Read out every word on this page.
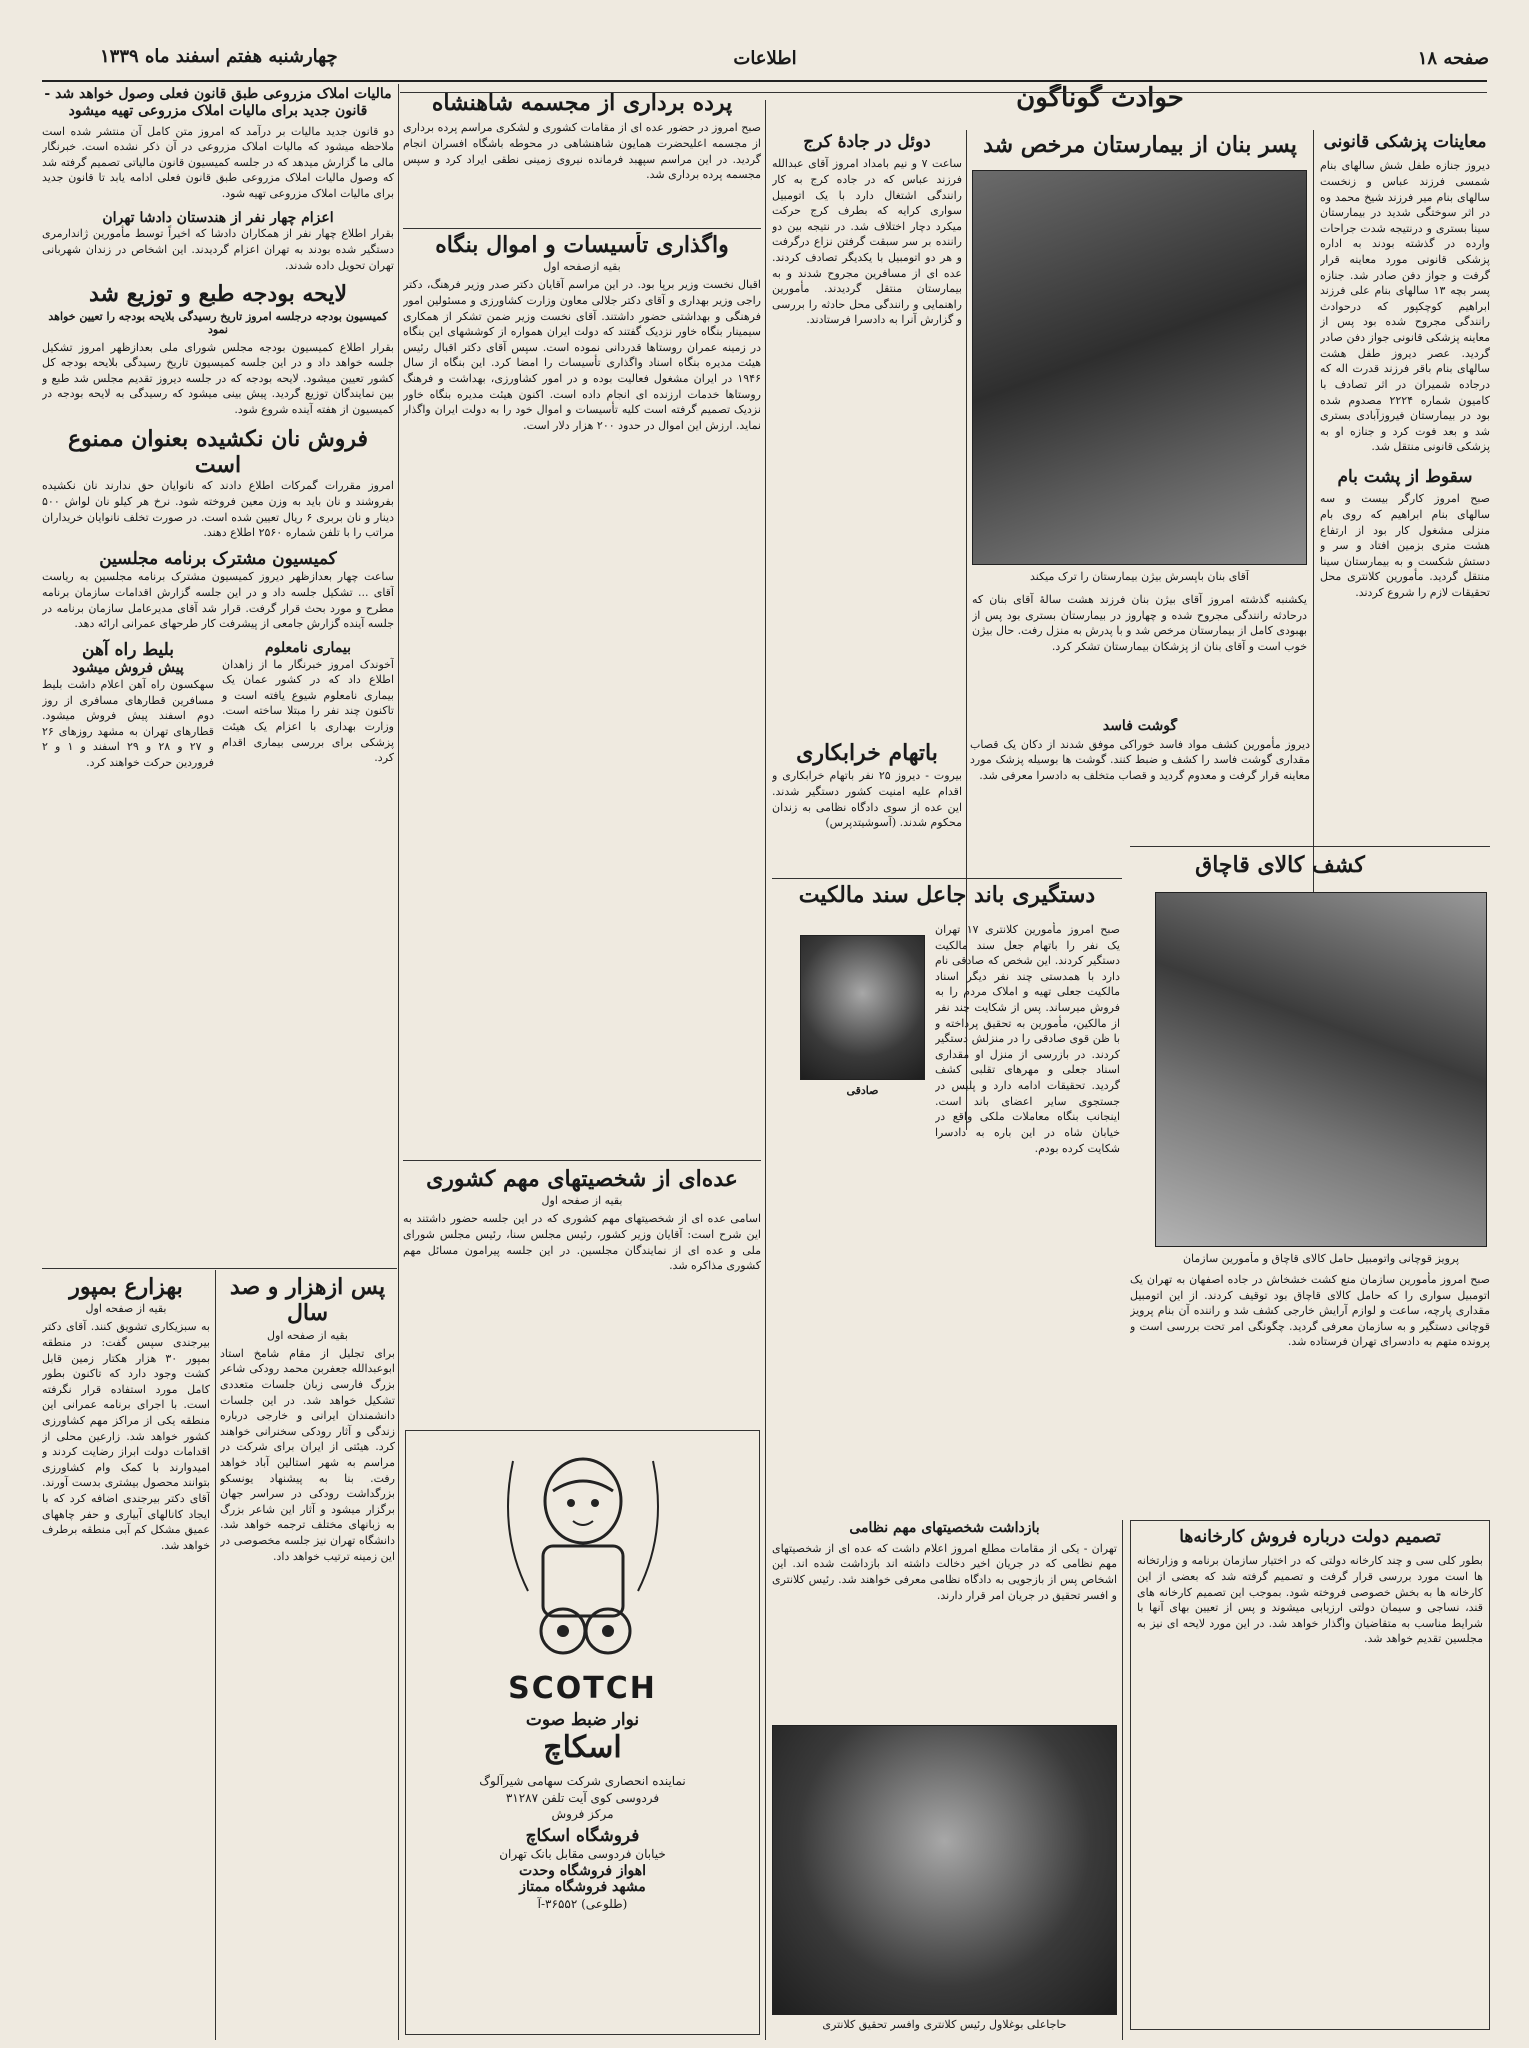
صفحه ۱۸
اطلاعات
چهارشنبه هفتم اسفند ماه ۱۳۳۹
حوادث گوناگون
معاینات پزشکی قانونی
دیروز جنازه طفل شش سالهای بنام شمسی فرزند عباس و زنخست سالهای بنام میر فرزند شیخ محمد وه در اثر سوختگی شدید در بیمارستان سینا بستری و درنتیجه شدت جراحات وارده در گذشته بودند به اداره پزشکی قانونی مورد معاینه قرار گرفت و جواز دفن صادر شد. جنازه پسر بچه ۱۳ سالهای بنام علی فرزند ابراهیم کوچکپور که درحوادث رانندگی مجروح شده بود پس از معاینه پزشکی قانونی جواز دفن صادر گردید. عصر دیروز طفل هشت سالهای بنام باقر فرزند قدرت اله که درجاده شمیران در اثر تصادف با کامیون شماره ۲۲۲۴ مصدوم شده بود در بیمارستان فیروزآبادی بستری شد و بعد فوت کرد و جنازه او به پزشکی قانونی منتقل شد.
سقوط از پشت بام
صبح امروز کارگر بیست و سه سالهای بنام ابراهیم که روی بام منزلی مشغول کار بود از ارتفاع هشت متری بزمین افتاد و سر و دستش شکست و به بیمارستان سینا منتقل گردید. مأمورین کلانتری محل تحقیقات لازم را شروع کردند.
پسر بنان از بیمارستان مرخص شد
آقای بنان باپسرش بیژن بیمارستان را ترک میکند
یکشنبه گذشته امروز آقای بیژن بنان فرزند هشت سالهٔ آقای بنان که درحادثه رانندگی مجروح شده و چهاروز در بیمارستان بستری بود پس از بهبودی کامل از بیمارستان مرخص شد و با پدرش به منزل رفت. حال بیژن خوب است و آقای بنان از پزشکان بیمارستان تشکر کرد.
گوشت فاسد
دیروز مأمورین کشف مواد فاسد خوراکی موفق شدند از دکان یک قصاب مقداری گوشت فاسد را کشف و ضبط کنند. گوشت ها بوسیله پزشک مورد معاینه قرار گرفت و معدوم گردید و قصاب متخلف به دادسرا معرفی شد.
کشف کالای قاچاق
پرویز قوچانی واتومبیل حامل کالای قاچاق و مأمورین سازمان
صبح امروز مأمورین سازمان منع کشت خشخاش در جاده اصفهان به تهران یک اتومبیل سواری را که حامل کالای قاچاق بود توقیف کردند. از این اتومبیل مقداری پارچه، ساعت و لوازم آرایش خارجی کشف شد و راننده آن بنام پرویز قوچانی دستگیر و به سازمان معرفی گردید. چگونگی امر تحت بررسی است و پرونده متهم به دادسرای تهران فرستاده شد.
تصمیم دولت درباره فروش کارخانه‌ها
بطور کلی سی و چند کارخانه دولتی که در اختیار سازمان برنامه و وزارتخانه ها است مورد بررسی قرار گرفت و تصمیم گرفته شد که بعضی از این کارخانه ها به بخش خصوصی فروخته شود. بموجب این تصمیم کارخانه های قند، نساجی و سیمان دولتی ارزیابی میشوند و پس از تعیین بهای آنها با شرایط مناسب به متقاضیان واگذار خواهد شد. در این مورد لایحه ای نیز به مجلسین تقدیم خواهد شد.
بازداشت شخصیتهای مهم نظامی
تهران - یکی از مقامات مطلع امروز اعلام داشت که عده ای از شخصیتهای مهم نظامی که در جریان اخیر دخالت داشته اند بازداشت شده اند. این اشخاص پس از بازجویی به دادگاه نظامی معرفی خواهند شد. رئیس کلانتری و افسر تحقیق در جریان امر قرار دارند.
حاجاعلی بوغلاول رئیس کلانتری وافسر تحقیق کلانتری
دوئل در جادهٔ کرج
ساعت ۷ و نیم بامداد امروز آقای عبدالله فرزند عباس که در جاده کرج به کار رانندگی اشتغال دارد با یک اتومبیل سواری کرایه که بطرف کرج حرکت میکرد دچار اختلاف شد. در نتیجه بین دو راننده بر سر سبقت گرفتن نزاع درگرفت و هر دو اتومبیل با یکدیگر تصادف کردند. عده ای از مسافرین مجروح شدند و به بیمارستان منتقل گردیدند. مأمورین راهنمایی و رانندگی محل حادثه را بررسی و گزارش آنرا به دادسرا فرستادند.
باتهام خرابکاری
بیروت - دیروز ۲۵ نفر باتهام خرابکاری و اقدام علیه امنیت کشور دستگیر شدند. این عده از سوی دادگاه نظامی به زندان محکوم شدند. (آسوشیتدپرس)
دستگیری باند جاعل سند مالکیت
صادقی
صبح امروز مأمورین کلانتری ۱۷ تهران یک نفر را باتهام جعل سند مالکیت دستگیر کردند. این شخص که صادقی نام دارد با همدستی چند نفر دیگر اسناد مالکیت جعلی تهیه و املاک مردم را به فروش میرساند. پس از شکایت چند نفر از مالکین، مأمورین به تحقیق پرداخته و با ظن قوی صادقی را در منزلش دستگیر کردند. در بازرسی از منزل او مقداری اسناد جعلی و مهرهای تقلبی کشف گردید. تحقیقات ادامه دارد و پلیس در جستجوی سایر اعضای باند است. اینجانب بنگاه معاملات ملکی واقع در خیابان شاه در این باره به دادسرا شکایت کرده بودم.
پرده برداری از مجسمه شاهنشاه
صبح امروز در حضور عده ای از مقامات کشوری و لشکری مراسم پرده برداری از مجسمه اعلیحضرت همایون شاهنشاهی در محوطه باشگاه افسران انجام گردید. در این مراسم سپهبد فرمانده نیروی زمینی نطقی ایراد کرد و سپس مجسمه پرده برداری شد.
واگذاری تأسیسات و اموال بنگاه
بقیه ازصفحه اول
اقبال نخست وزیر برپا بود. در این مراسم آقایان دکتر صدر وزیر فرهنگ، دکتر راجی وزیر بهداری و آقای دکتر جلالی معاون وزارت کشاورزی و مسئولین امور فرهنگی و بهداشتی حضور داشتند. آقای نخست وزیر ضمن تشکر از همکاری سیمینار بنگاه خاور نزدیک گفتند که دولت ایران همواره از کوششهای این بنگاه در زمینه عمران روستاها قدردانی نموده است. سپس آقای دکتر اقبال رئیس هیئت مدیره بنگاه اسناد واگذاری تأسیسات را امضا کرد. این بنگاه از سال ۱۹۴۶ در ایران مشغول فعالیت بوده و در امور کشاورزی، بهداشت و فرهنگ روستاها خدمات ارزنده ای انجام داده است. اکنون هیئت مدیره بنگاه خاور نزدیک تصمیم گرفته است کلیه تأسیسات و اموال خود را به دولت ایران واگذار نماید. ارزش این اموال در حدود ۲۰۰ هزار دلار است.
عده‌ای از شخصیتهای مهم کشوری
بقیه از صفحه اول
اسامی عده ای از شخصیتهای مهم کشوری که در این جلسه حضور داشتند به این شرح است: آقایان وزیر کشور، رئیس مجلس سنا، رئیس مجلس شورای ملی و عده ای از نمایندگان مجلسین. در این جلسه پیرامون مسائل مهم کشوری مذاکره شد.
SCOTCH
نوار ضبط صوت
اسکاچ
نماینده انحصاری شرکت سهامی شیرآلوگ
فردوسی کوی آیت تلفن ۳۱۲۸۷
مرکز فروش
فروشگاه اسکاچ
خیابان فردوسی مقابل بانک تهران
اهواز فروشگاه وحدت
مشهد فروشگاه ممتاز
(طلوعی) ۳۶۵۵۲-آ
مالیات املاک مزروعی طبق قانون فعلی وصول خواهد شد - قانون جدید برای مالیات املاک مزروعی تهیه میشود
دو قانون جدید مالیات بر درآمد که امروز متن کامل آن منتشر شده است ملاحظه میشود که مالیات املاک مزروعی در آن ذکر نشده است. خبرنگار مالی ما گزارش میدهد که در جلسه کمیسیون قانون مالیاتی تصمیم گرفته شد که وصول مالیات املاک مزروعی طبق قانون فعلی ادامه یابد تا قانون جدید برای مالیات املاک مزروعی تهیه شود.
اعزام چهار نفر از هندستان دادشا تهران
بقرار اطلاع چهار نفر از همکاران دادشا که اخیراً توسط مأمورین ژاندارمری دستگیر شده بودند به تهران اعزام گردیدند. این اشخاص در زندان شهربانی تهران تحویل داده شدند.
لایحه بودجه طبع و توزیع شد
کمیسیون بودجه درجلسه امروز تاریخ رسیدگی بلایحه بودجه را تعیین خواهد نمود
بقرار اطلاع کمیسیون بودجه مجلس شورای ملی بعدازظهر امروز تشکیل جلسه خواهد داد و در این جلسه کمیسیون تاریخ رسیدگی بلایحه بودجه کل کشور تعیین میشود. لایحه بودجه که در جلسه دیروز تقدیم مجلس شد طبع و بین نمایندگان توزیع گردید. پیش بینی میشود که رسیدگی به لایحه بودجه در کمیسیون از هفته آینده شروع شود.
فروش نان نکشیده بعنوان ممنوع است
امروز مقررات گمرکات اطلاع دادند که نانوایان حق ندارند نان نکشیده بفروشند و نان باید به وزن معین فروخته شود. نرخ هر کیلو نان لواش ۵۰۰ دینار و نان بربری ۶ ریال تعیین شده است. در صورت تخلف نانوایان خریداران مراتب را با تلفن شماره ۲۵۶۰ اطلاع دهند.
کمیسیون مشترک برنامه مجلسین
ساعت چهار بعدازظهر دیروز کمیسیون مشترک برنامه مجلسین به ریاست آقای ... تشکیل جلسه داد و در این جلسه گزارش اقدامات سازمان برنامه مطرح و مورد بحث قرار گرفت. قرار شد آقای مدیرعامل سازمان برنامه در جلسه آینده گزارش جامعی از پیشرفت کار طرحهای عمرانی ارائه دهد.
بیماری نامعلوم
آخوندک امروز خبرنگار ما از زاهدان اطلاع داد که در کشور عمان یک بیماری نامعلوم شیوع یافته است و تاکنون چند نفر را مبتلا ساخته است. وزارت بهداری با اعزام یک هیئت پزشکی برای بررسی بیماری اقدام کرد.
بلیط راه آهن
پیش فروش میشود
سهکسون راه آهن اعلام داشت بلیط مسافرین قطارهای مسافری از روز دوم اسفند پیش فروش میشود. قطارهای تهران به مشهد روزهای ۲۶ و ۲۷ و ۲۸ و ۲۹ اسفند و ۱ و ۲ فروردین حرکت خواهند کرد.
پس ازهزار و صد سال
بقیه از صفحه اول
برای تجلیل از مقام شامخ استاد ابوعبدالله جعفربن محمد رودکی شاعر بزرگ فارسی زبان جلسات متعددی تشکیل خواهد شد. در این جلسات دانشمندان ایرانی و خارجی درباره زندگی و آثار رودکی سخنرانی خواهند کرد. هیئتی از ایران برای شرکت در مراسم به شهر استالین آباد خواهد رفت. بنا به پیشنهاد یونسکو بزرگداشت رودکی در سراسر جهان برگزار میشود و آثار این شاعر بزرگ به زبانهای مختلف ترجمه خواهد شد. دانشگاه تهران نیز جلسه مخصوصی در این زمینه ترتیب خواهد داد.
بهزارع بمپور
بقیه از صفحه اول
به سبزیکاری تشویق کنند. آقای دکتر بیرجندی سپس گفت: در منطقه بمپور ۳۰ هزار هکتار زمین قابل کشت وجود دارد که تاکنون بطور کامل مورد استفاده قرار نگرفته است. با اجرای برنامه عمرانی این منطقه یکی از مراکز مهم کشاورزی کشور خواهد شد. زارعین محلی از اقدامات دولت ابراز رضایت کردند و امیدوارند با کمک وام کشاورزی بتوانند محصول بیشتری بدست آورند. آقای دکتر بیرجندی اضافه کرد که با ایجاد کانالهای آبیاری و حفر چاههای عمیق مشکل کم آبی منطقه برطرف خواهد شد.
